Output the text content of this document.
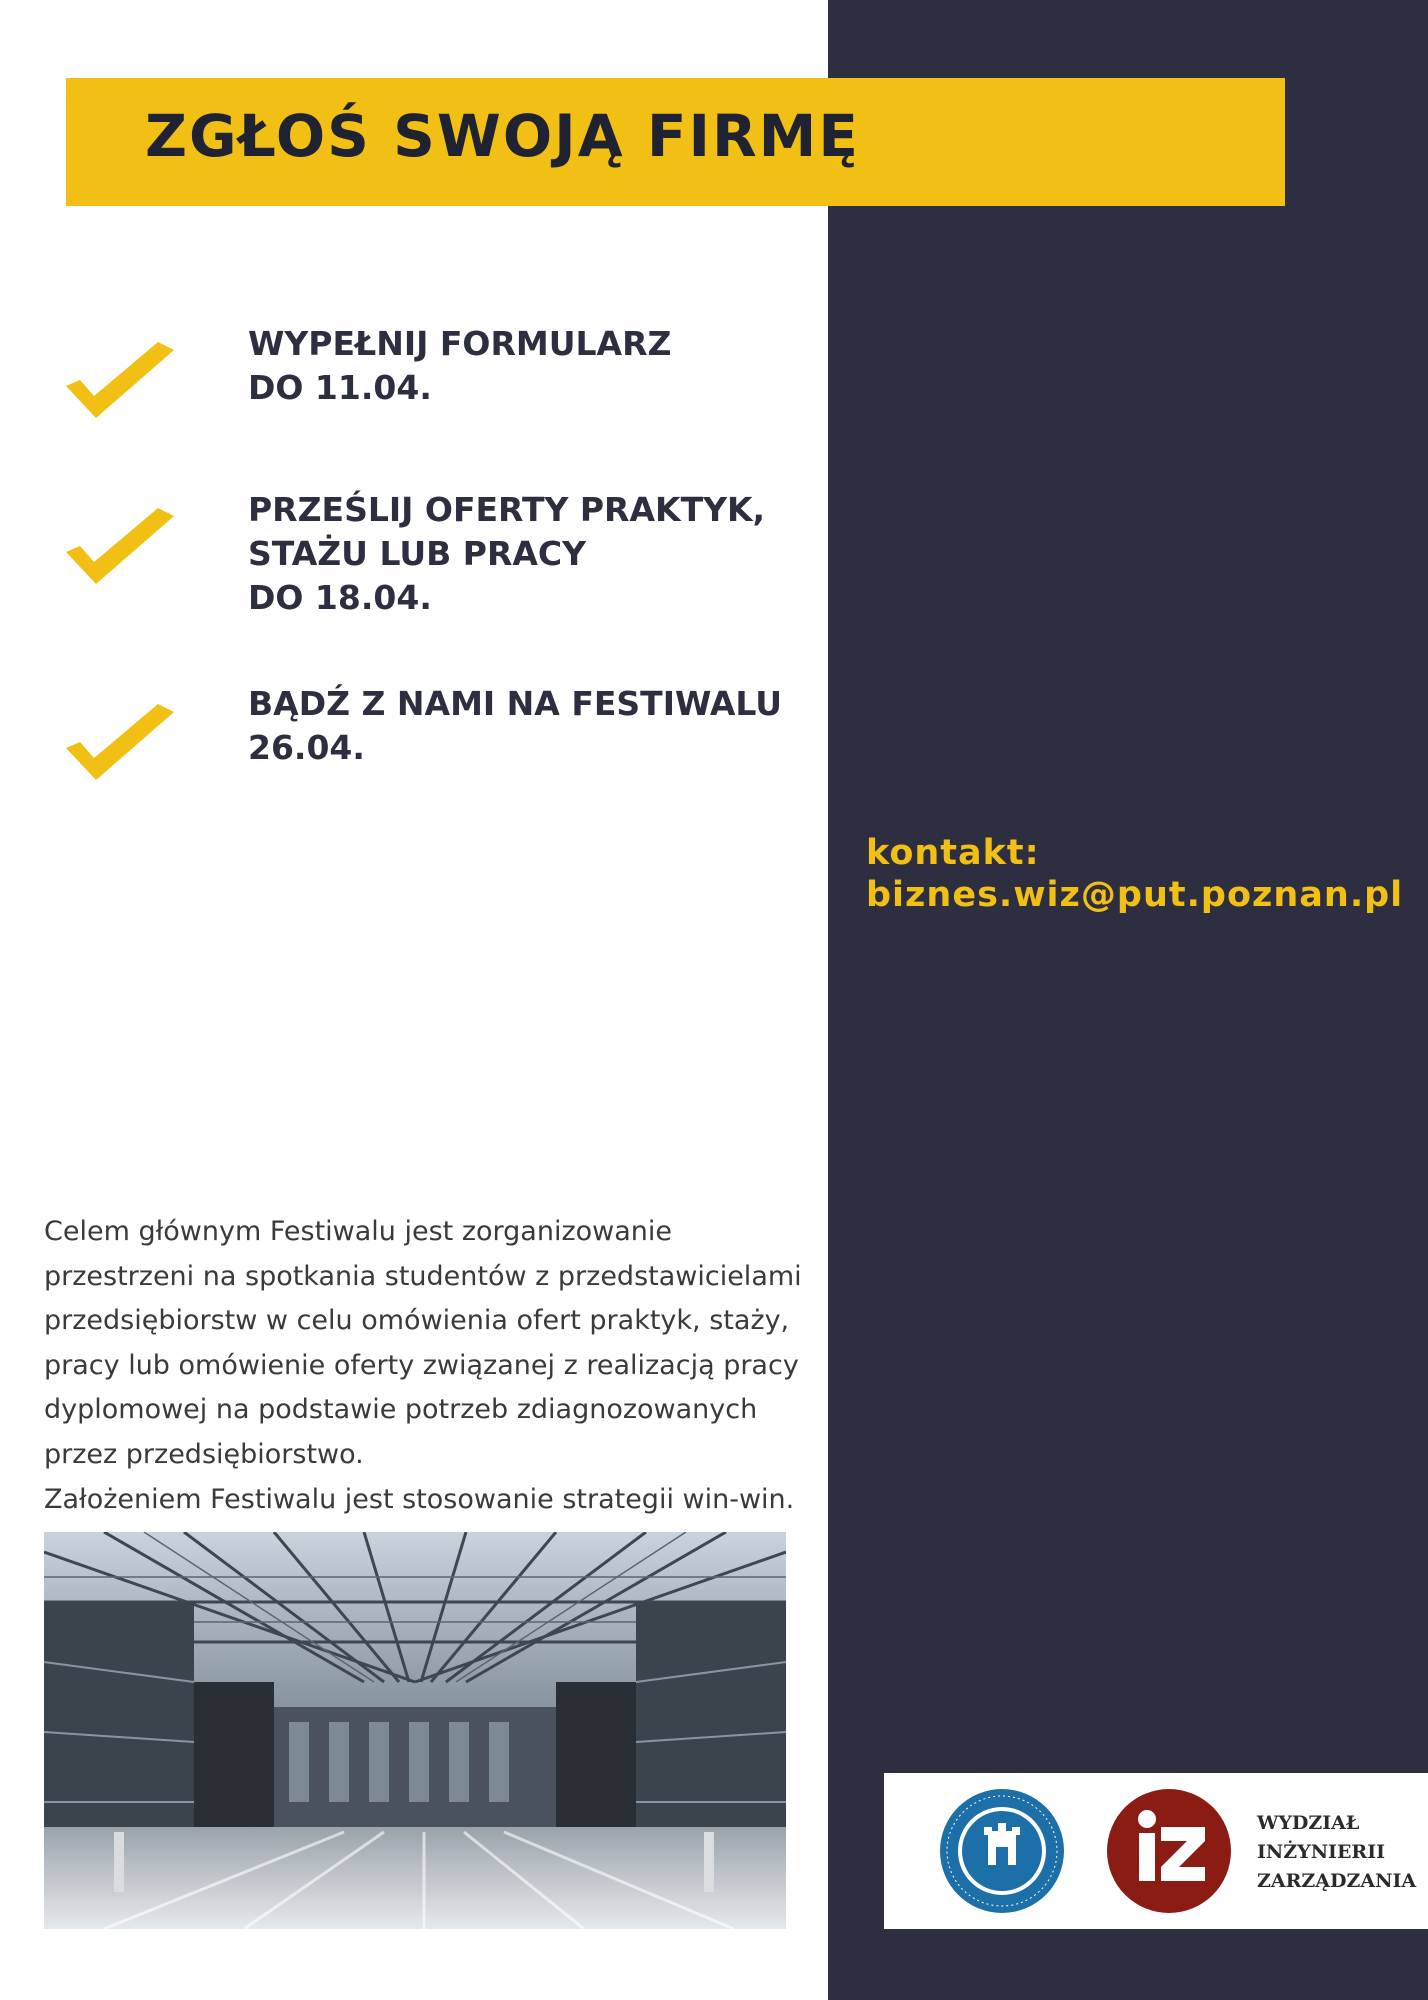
ZGŁOŚ SWOJĄ FIRMĘ
WYPEŁNIJ FORMULARZ
DO 11.04.
PRZEŚLIJ OFERTY PRAKTYK,
STAŻU LUB PRACY
DO 18.04.
BĄDŹ Z NAMI NA FESTIWALU
26.04.
kontakt:
biznes.wiz@put.poznan.pl
Celem głównym Festiwalu jest zorganizowanie
przestrzeni na spotkania studentów z przedstawicielami
przedsiębiorstw w celu omówienia ofert praktyk, staży,
pracy lub omówienie oferty związanej z realizacją pracy
dyplomowej na podstawie potrzeb zdiagnozowanych
przez przedsiębiorstwo.
Założeniem Festiwalu jest stosowanie strategii win-win.
WYDZIAŁ
INŻYNIERII
ZARZĄDZANIA
